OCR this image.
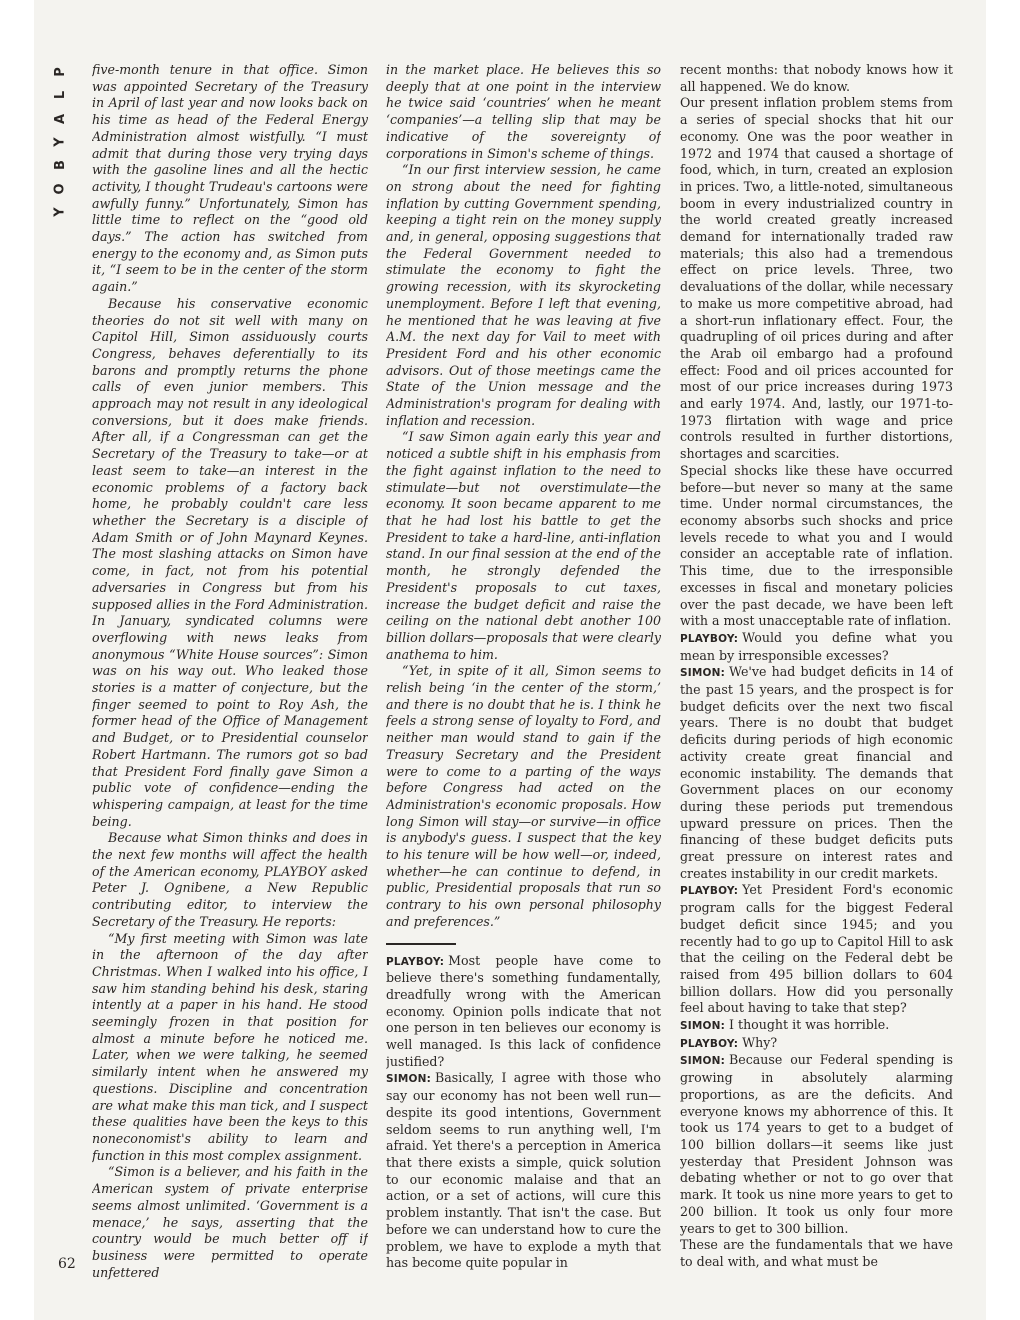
P
L
A
Y
B
O
Y
62

five-month tenure in that office. Simon was appointed Secretary of the Treasury in April of last year and now looks back on his time as head of the Federal Energy Administration almost wistfully. “I must admit that during those very trying days with the gasoline lines and all the hectic activity, I thought Trudeau's cartoons were awfully funny.” Unfortunately, Simon has little time to reflect on the “good old days.” The action has switched from energy to the economy and, as Simon puts it, “I seem to be in the center of the storm again.”

Because his conservative economic theories do not sit well with many on Capitol Hill, Simon assiduously courts Congress, behaves deferentially to its barons and promptly returns the phone calls of even junior members. This approach may not result in any ideological conversions, but it does make friends. After all, if a Congressman can get the Secretary of the Treasury to take—or at least seem to take—an interest in the economic problems of a factory back home, he probably couldn't care less whether the Secretary is a disciple of Adam Smith or of John Maynard Keynes. The most slashing attacks on Simon have come, in fact, not from his potential adversaries in Congress but from his supposed allies in the Ford Administration. In January, syndicated columns were overflowing with news leaks from anonymous “White House sources”: Simon was on his way out. Who leaked those stories is a matter of conjecture, but the finger seemed to point to Roy Ash, the former head of the Office of Management and Budget, or to Presidential counselor Robert Hartmann. The rumors got so bad that President Ford finally gave Simon a public vote of confidence—ending the whispering campaign, at least for the time being.

Because what Simon thinks and does in the next few months will affect the health of the American economy, PLAYBOY asked Peter J. Ognibene, a New Republic contributing editor, to interview the Secretary of the Treasury. He reports:

“My first meeting with Simon was late in the afternoon of the day after Christmas. When I walked into his office, I saw him standing behind his desk, staring intently at a paper in his hand. He stood seemingly frozen in that position for almost a minute before he noticed me. Later, when we were talking, he seemed similarly intent when he answered my questions. Discipline and concentration are what make this man tick, and I suspect these qualities have been the keys to this noneconomist's ability to learn and function in this most complex assignment.

“Simon is a believer, and his faith in the American system of private enterprise seems almost unlimited. ‘Government is a menace,’ he says, asserting that the country would be much better off if business were permitted to operate unfettered

in the market place. He believes this so deeply that at one point in the interview he twice said ‘countries’ when he meant ‘companies’—a telling slip that may be indicative of the sovereignty of corporations in Simon's scheme of things.

“In our first interview session, he came on strong about the need for fighting inflation by cutting Government spending, keeping a tight rein on the money supply and, in general, opposing suggestions that the Federal Government needed to stimulate the economy to fight the growing recession, with its skyrocketing unemployment. Before I left that evening, he mentioned that he was leaving at five A.M. the next day for Vail to meet with President Ford and his other economic advisors. Out of those meetings came the State of the Union message and the Administration's program for dealing with inflation and recession.

“I saw Simon again early this year and noticed a subtle shift in his emphasis from the fight against inflation to the need to stimulate—but not overstimulate—the economy. It soon became apparent to me that he had lost his battle to get the President to take a hard-line, anti-inflation stand. In our final session at the end of the month, he strongly defended the President's proposals to cut taxes, increase the budget deficit and raise the ceiling on the national debt another 100 billion dollars—proposals that were clearly anathema to him.

“Yet, in spite of it all, Simon seems to relish being ‘in the center of the storm,’ and there is no doubt that he is. I think he feels a strong sense of loyalty to Ford, and neither man would stand to gain if the Treasury Secretary and the President were to come to a parting of the ways before Congress had acted on the Administration's economic proposals. How long Simon will stay—or survive—in office is anybody's guess. I suspect that the key to his tenure will be how well—or, indeed, whether—he can continue to defend, in public, Presidential proposals that run so contrary to his own personal philosophy and preferences.”

PLAYBOY: Most people have come to believe there's something fundamentally, dreadfully wrong with the American economy. Opinion polls indicate that not one person in ten believes our economy is well managed. Is this lack of confidence justified?

SIMON: Basically, I agree with those who say our economy has not been well run—despite its good intentions, Government seldom seems to run anything well, I'm afraid. Yet there's a perception in America that there exists a simple, quick solution to our economic malaise and that an action, or a set of actions, will cure this problem instantly. That isn't the case. But before we can understand how to cure the problem, we have to explode a myth that has become quite popular in

recent months: that nobody knows how it all happened. We do know.

Our present inflation problem stems from a series of special shocks that hit our economy. One was the poor weather in 1972 and 1974 that caused a shortage of food, which, in turn, created an explosion in prices. Two, a little-noted, simultaneous boom in every industrialized country in the world created greatly increased demand for internationally traded raw materials; this also had a tremendous effect on price levels. Three, two devaluations of the dollar, while necessary to make us more competitive abroad, had a short-run inflationary effect. Four, the quadrupling of oil prices during and after the Arab oil embargo had a profound effect: Food and oil prices accounted for most of our price increases during 1973 and early 1974. And, lastly, our 1971-to-1973 flirtation with wage and price controls resulted in further distortions, shortages and scarcities.

Special shocks like these have occurred before—but never so many at the same time. Under normal circumstances, the economy absorbs such shocks and price levels recede to what you and I would consider an acceptable rate of inflation. This time, due to the irresponsible excesses in fiscal and monetary policies over the past decade, we have been left with a most unacceptable rate of inflation.

PLAYBOY: Would you define what you mean by irresponsible excesses?

SIMON: We've had budget deficits in 14 of the past 15 years, and the prospect is for budget deficits over the next two fiscal years. There is no doubt that budget deficits during periods of high economic activity create great financial and economic instability. The demands that Government places on our economy during these periods put tremendous upward pressure on prices. Then the financing of these budget deficits puts great pressure on interest rates and creates instability in our credit markets.

PLAYBOY: Yet President Ford's economic program calls for the biggest Federal budget deficit since 1945; and you recently had to go up to Capitol Hill to ask that the ceiling on the Federal debt be raised from 495 billion dollars to 604 billion dollars. How did you personally feel about having to take that step?

SIMON: I thought it was horrible.

PLAYBOY: Why?

SIMON: Because our Federal spending is growing in absolutely alarming proportions, as are the deficits. And everyone knows my abhorrence of this. It took us 174 years to get to a budget of 100 billion dollars—it seems like just yesterday that President Johnson was debating whether or not to go over that mark. It took us nine more years to get to 200 billion. It took us only four more years to get to 300 billion.

These are the fundamentals that we have to deal with, and what must be
